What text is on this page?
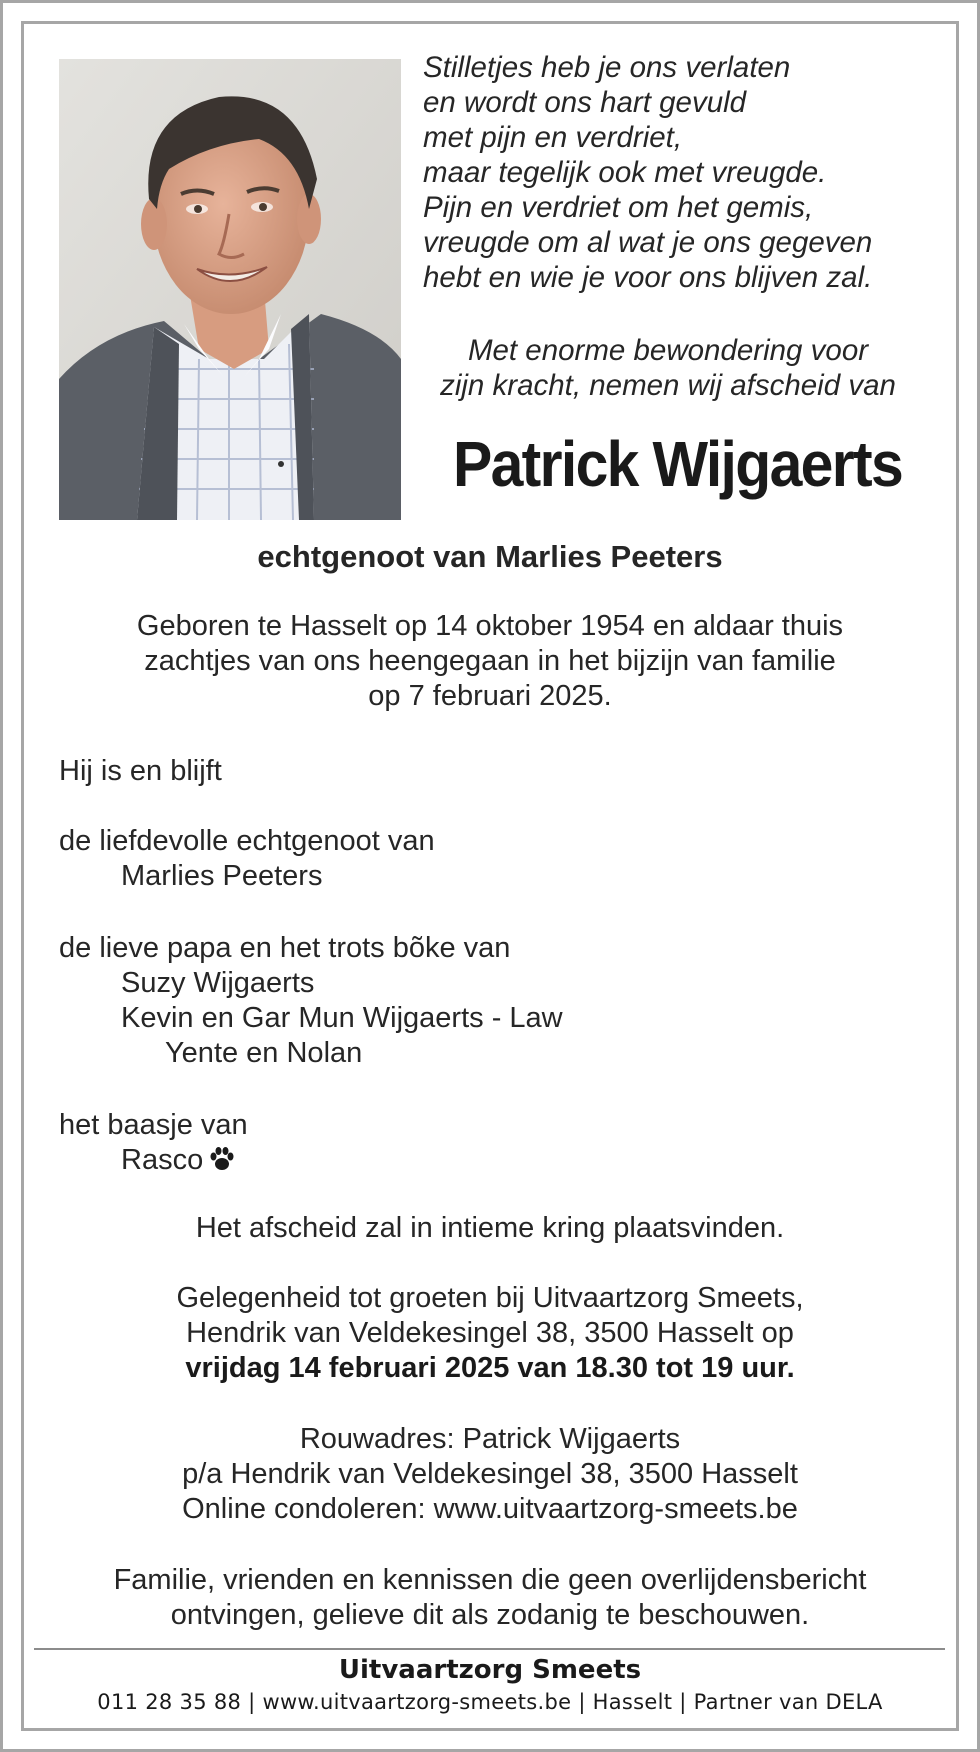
Stilletjes heb je ons verlaten
en wordt ons hart gevuld
met pijn en verdriet,
maar tegelijk ook met vreugde.
Pijn en verdriet om het gemis,
vreugde om al wat je ons gegeven
hebt en wie je voor ons blijven zal.
Met enorme bewondering voor
zijn kracht, nemen wij afscheid van
Patrick Wijgaerts
echtgenoot van Marlies Peeters
Geboren te Hasselt op 14 oktober 1954 en aldaar thuis
zachtjes van ons heengegaan in het bijzijn van familie
op 7 februari 2025.
Hij is en blijft
de liefdevolle echtgenoot van
Marlies Peeters
de lieve papa en het trots bõke van
Suzy Wijgaerts
Kevin en Gar Mun Wijgaerts - Law
Yente en Nolan
het baasje van
Rasco
Het afscheid zal in intieme kring plaatsvinden.
Gelegenheid tot groeten bij Uitvaartzorg Smeets,
Hendrik van Veldekesingel 38, 3500 Hasselt op
vrijdag 14 februari 2025 van 18.30 tot 19 uur.
Rouwadres: Patrick Wijgaerts
p/a Hendrik van Veldekesingel 38, 3500 Hasselt
Online condoleren: www.uitvaartzorg-smeets.be
Familie, vrienden en kennissen die geen overlijdensbericht
ontvingen, gelieve dit als zodanig te beschouwen.
Uitvaartzorg Smeets
011 28 35 88 | www.uitvaartzorg-smeets.be | Hasselt | Partner van DELA
